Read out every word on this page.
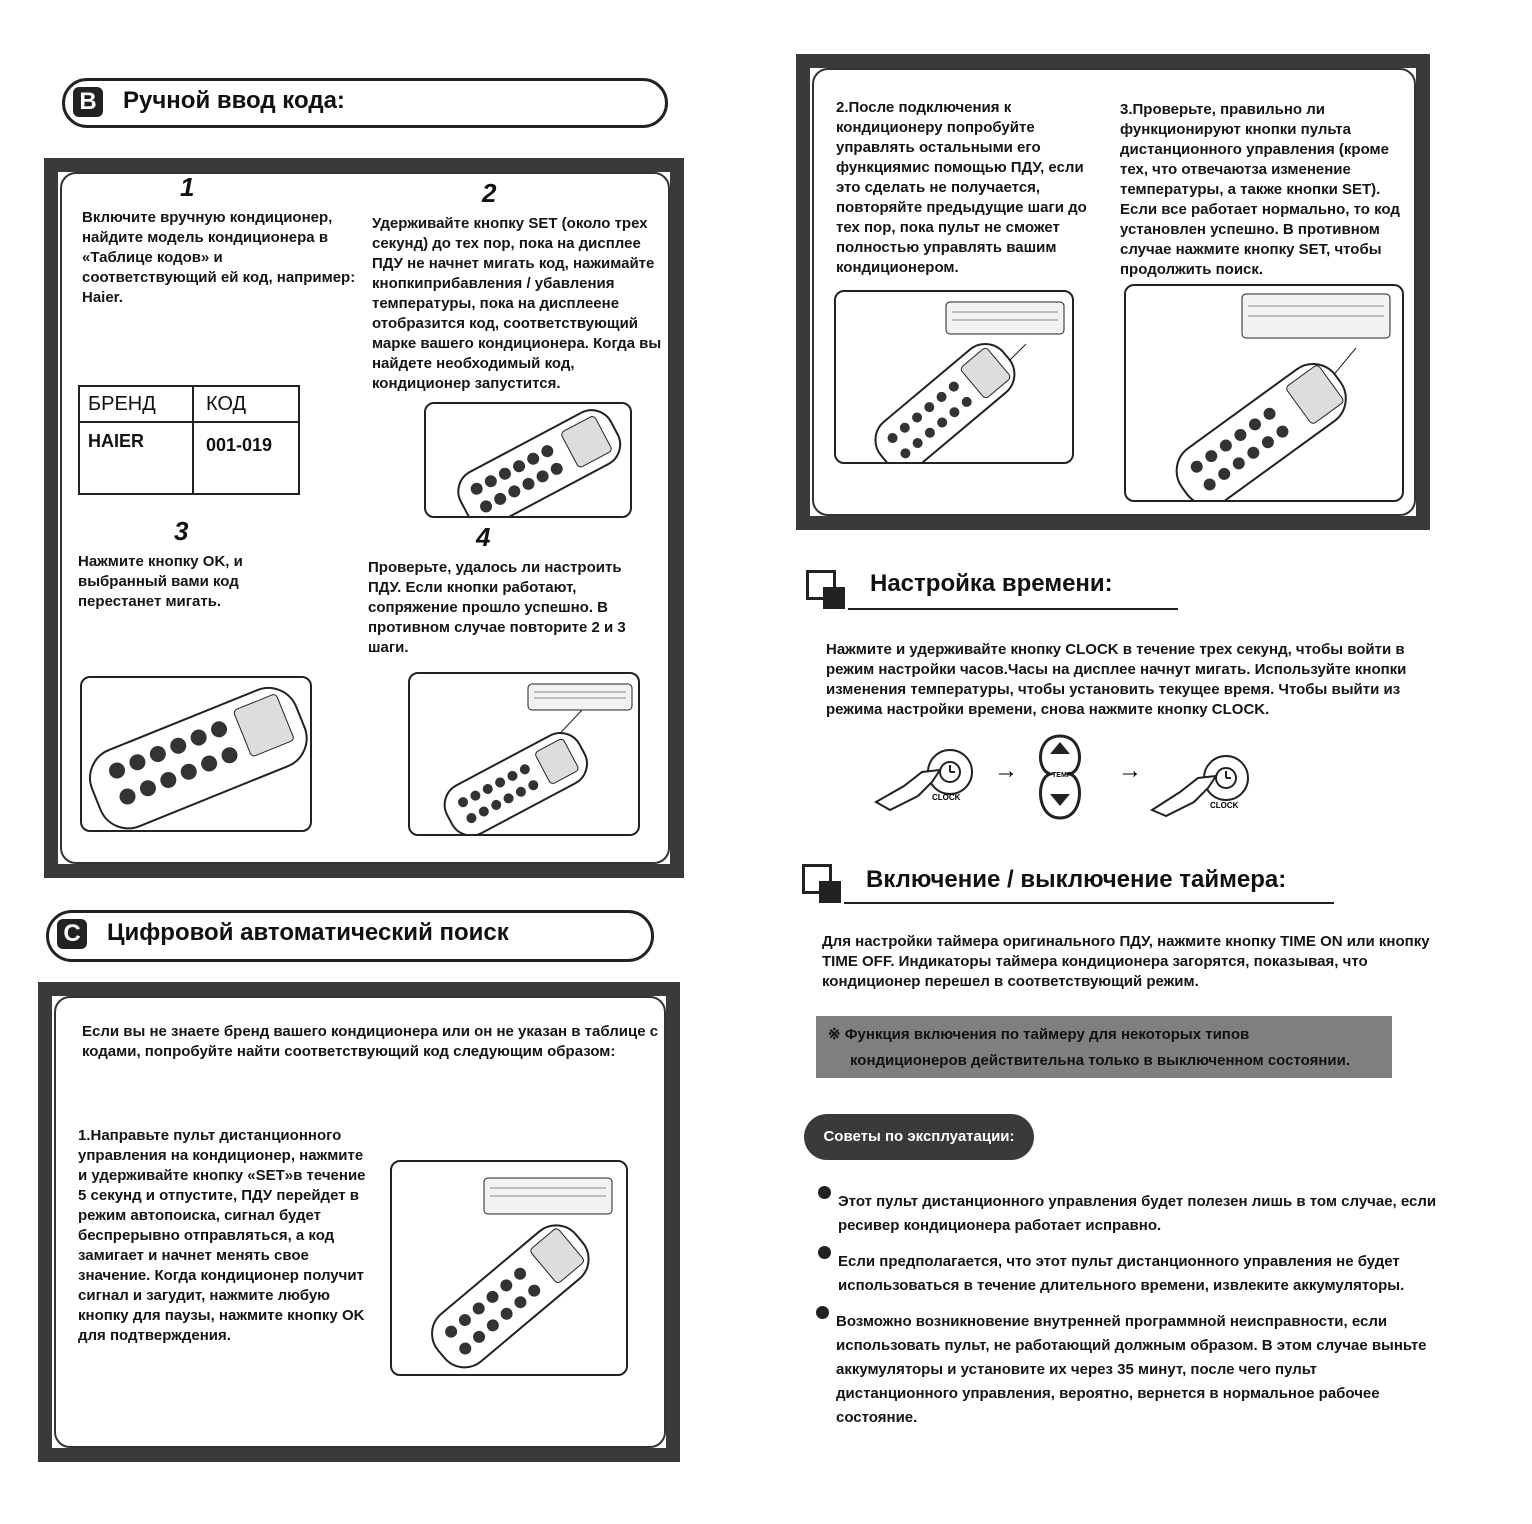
B Ручной ввод кода:
1
Включите вручную кондиционер, найдите модель кондиционера в «Таблице кодов» и соответствующий ей код, например: Haier.
2
Удерживайте кнопку SET (около трех секунд) до тех пор, пока на дисплее ПДУ не начнет мигать код, нажимайте кнопкиприбавления / убавления температуры, пока на дисплеене отобразится код, соответствующий марке вашего кондиционера. Когда вы найдете необходимый код, кондиционер запустится.
БРЕНД	КОД
HAIER	001-019
3
Нажмите кнопку OK, и выбранный вами код перестанет мигать.
4
Проверьте, удалось ли настроить ПДУ. Если кнопки работают, сопряжение прошло успешно. В противном случае повторите 2 и 3 шаги.
C Цифровой автоматический поиск
Если вы не знаете бренд вашего кондиционера или он не указан в таблице с кодами, попробуйте найти соответствующий код следующим образом:
1.Направьте пульт дистанционного управления на кондиционер, нажмите и удерживайте кнопку «SET»в течение 5 секунд и отпустите, ПДУ перейдет в режим автопоиска, сигнал будет беспрерывно отправляться, а код замигает и начнет менять свое значение. Когда кондиционер получит сигнал и загудит, нажмите любую кнопку для паузы, нажмите кнопку OK для подтверждения.
2.После подключения к кондиционеру попробуйте управлять остальными его функциямис помощью ПДУ, если это сделать не получается, повторяйте предыдущие шаги до тех пор, пока пульт не сможет полностью управлять вашим кондиционером.
3.Проверьте, правильно ли функционируют кнопки пульта дистанционного управления (кроме тех, что отвечаютза изменение температуры, а также кнопки SET). Если все работает нормально, то код установлен успешно. В противном случае нажмите кнопку SET, чтобы продолжить поиск.
Настройка времени:
Нажмите и удерживайте кнопку CLOCK в течение трех секунд, чтобы войти в режим настройки часов.Часы на дисплее начнут мигать. Используйте кнопки изменения температуры, чтобы установить текущее время. Чтобы выйти из режима настройки времени, снова нажмите кнопку CLOCK.
CLOCK
→	TEMP →
CLOCK
Включение / выключение таймера:
Для настройки таймера оригинального ПДУ, нажмите кнопку TIME ON или кнопку TIME OFF. Индикаторы таймера кондиционера загорятся, показывая, что кондиционер перешел в соответствующий режим.
※ Функция включения по таймеру для некоторых типов
кондиционеров действительна только в выключенном состоянии.
Советы по эксплуатации:
Этот пульт дистанционного управления будет полезен лишь в том случае, если ресивер кондиционера работает исправно.
Если предполагается, что этот пульт дистанционного управления не будет использоваться в течение длительного времени, извлеките аккумуляторы.
Возможно возникновение внутренней программной неисправности, если использовать пульт, не работающий должным образом. В этом случае выньте аккумуляторы и установите их через 35 минут, после чего пульт дистанционного управления, вероятно, вернется в нормальное рабочее состояние.
